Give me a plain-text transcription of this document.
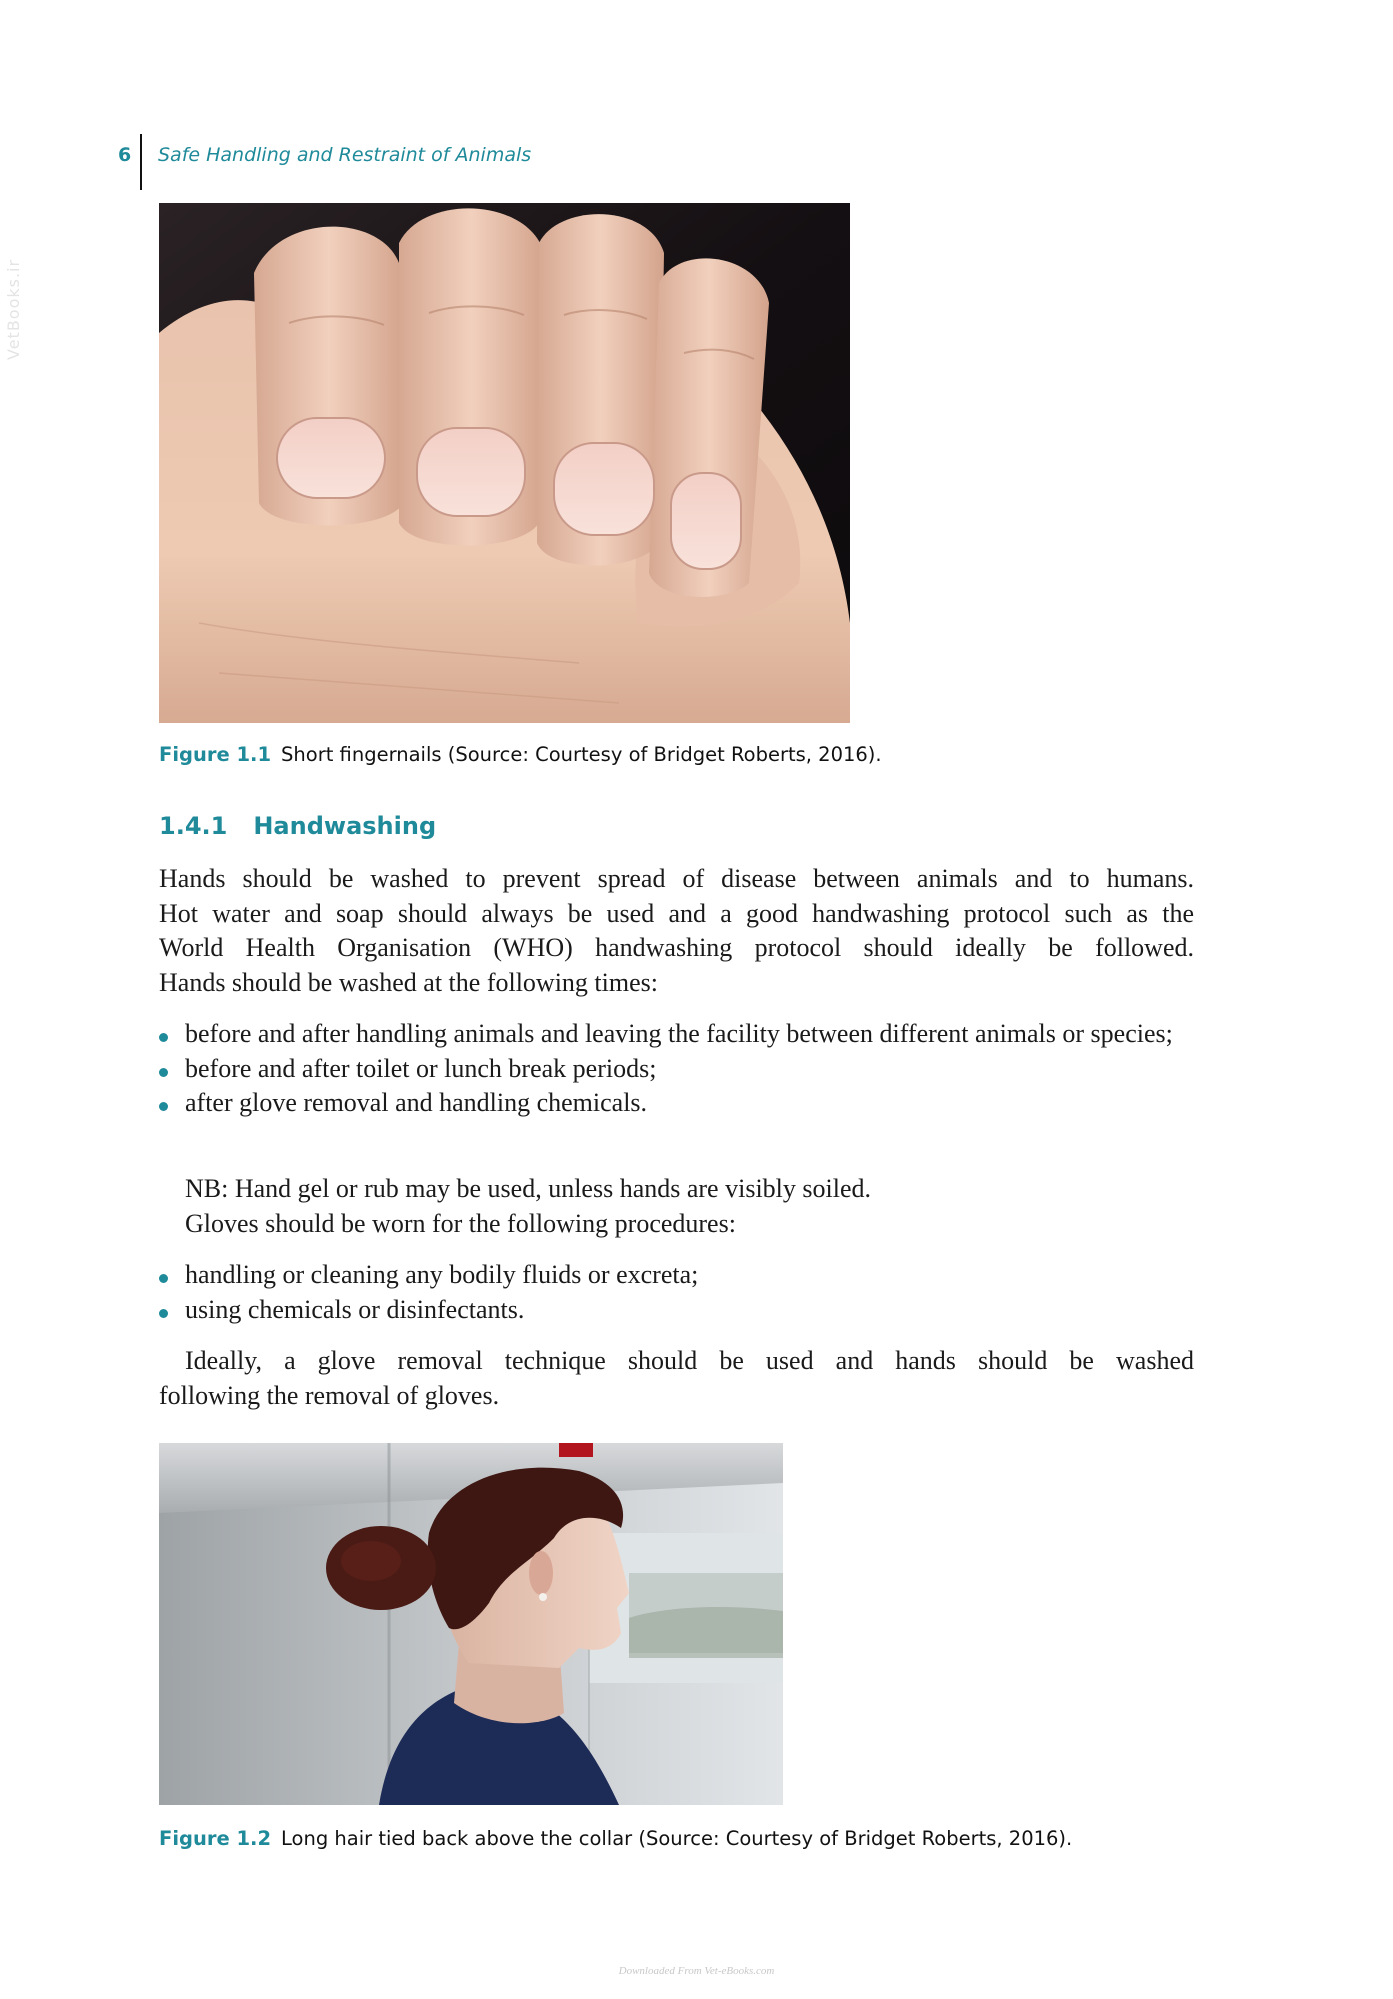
6 Safe Handling and Restraint of Animals
VetBooks.ir
Figure 1.1 Short fingernails (Source: Courtesy of Bridget Roberts, 2016).
1.4.1 Handwashing
Hands should be washed to prevent spread of disease between animals and to humans.
Hot water and soap should always be used and a good handwashing protocol such as the
World Health Organisation (WHO) handwashing protocol should ideally be followed.
Hands should be washed at the following times:
before and after handling animals and leaving the facility between different animals or species;
before and after toilet or lunch break periods;
after glove removal and handling chemicals.
NB: Hand gel or rub may be used, unless hands are visibly soiled.
Gloves should be worn for the following procedures:
handling or cleaning any bodily fluids or excreta;
using chemicals or disinfectants.
Ideally, a glove removal technique should be used and hands should be washed
following the removal of gloves.
Figure 1.2 Long hair tied back above the collar (Source: Courtesy of Bridget Roberts, 2016).
Downloaded From Vet-eBooks.com
